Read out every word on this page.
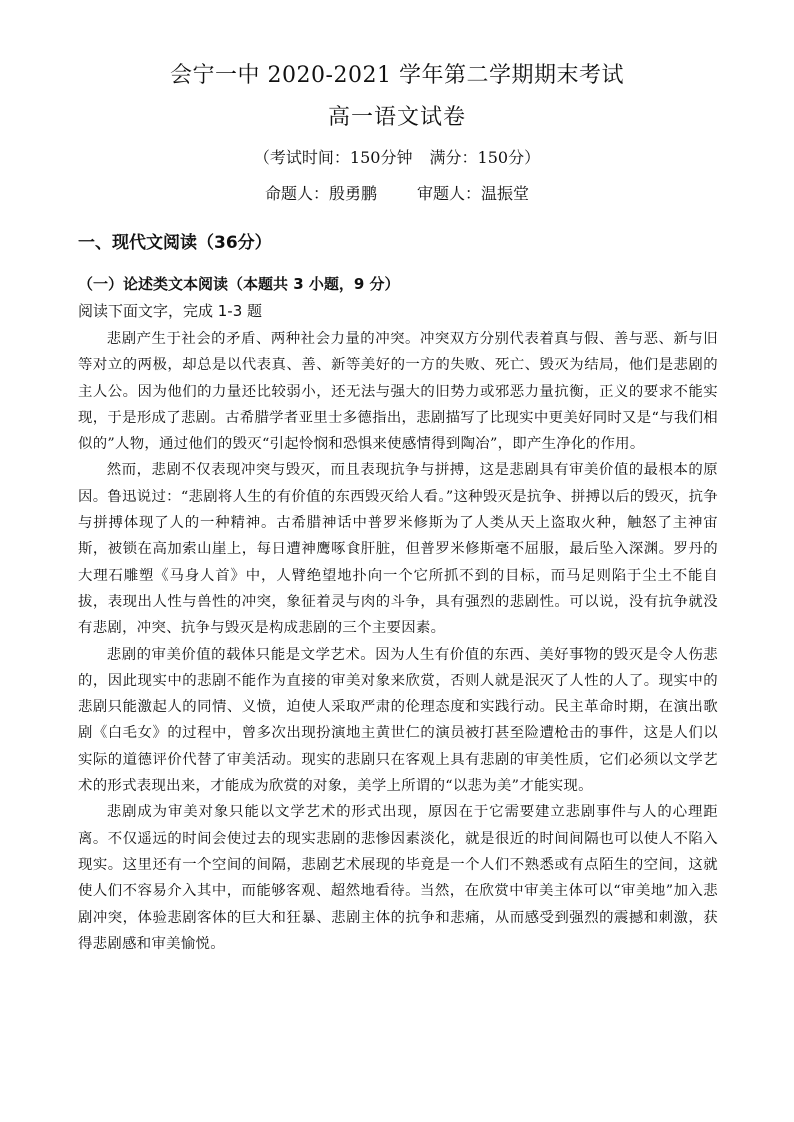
会宁一中 2020-2021 学年第二学期期末考试
高一语文试卷
（考试时间：150分钟 满分：150分）
命题人：殷勇鹏	审题人：温振堂
一、现代文阅读（36分）
（一）论述类文本阅读（本题共 3 小题，9 分）
阅读下面文字，完成 1-3 题

悲剧产生于社会的矛盾、两种社会力量的冲突。冲突双方分别代表着真与假、善与恶、新与旧等对立的两极，却总是以代表真、善、新等美好的一方的失败、死亡、毁灭为结局，他们是悲剧的主人公。因为他们的力量还比较弱小，还无法与强大的旧势力或邪恶力量抗衡，正义的要求不能实现，于是形成了悲剧。古希腊学者亚里士多德指出，悲剧描写了比现实中更美好同时又是“与我们相似的”人物，通过他们的毁灭“引起怜悯和恐惧来使感情得到陶冶”，即产生净化的作用。

然而，悲剧不仅表现冲突与毁灭，而且表现抗争与拼搏，这是悲剧具有审美价值的最根本的原因。鲁迅说过：“悲剧将人生的有价值的东西毁灭给人看。”这种毁灭是抗争、拼搏以后的毁灭，抗争与拼搏体现了人的一种精神。古希腊神话中普罗米修斯为了人类从天上盗取火种，触怒了主神宙斯，被锁在高加索山崖上，每日遭神鹰啄食肝脏，但普罗米修斯毫不屈服，最后坠入深渊。罗丹的大理石雕塑《马身人首》中，人臂绝望地扑向一个它所抓不到的目标，而马足则陷于尘土不能自拔，表现出人性与兽性的冲突，象征着灵与肉的斗争，具有强烈的悲剧性。可以说，没有抗争就没有悲剧，冲突、抗争与毁灭是构成悲剧的三个主要因素。

悲剧的审美价值的载体只能是文学艺术。因为人生有价值的东西、美好事物的毁灭是令人伤悲的，因此现实中的悲剧不能作为直接的审美对象来欣赏，否则人就是泯灭了人性的人了。现实中的悲剧只能激起人的同情、义愤，迫使人采取严肃的伦理态度和实践行动。民主革命时期，在演出歌剧《白毛女》的过程中，曾多次出现扮演地主黄世仁的演员被打甚至险遭枪击的事件，这是人们以实际的道德评价代替了审美活动。现实的悲剧只在客观上具有悲剧的审美性质，它们必须以文学艺术的形式表现出来，才能成为欣赏的对象，美学上所谓的“以悲为美”才能实现。

悲剧成为审美对象只能以文学艺术的形式出现，原因在于它需要建立悲剧事件与人的心理距离。不仅遥远的时间会使过去的现实悲剧的悲惨因素淡化，就是很近的时间间隔也可以使人不陷入现实。这里还有一个空间的间隔，悲剧艺术展现的毕竟是一个人们不熟悉或有点陌生的空间，这就使人们不容易介入其中，而能够客观、超然地看待。当然，在欣赏中审美主体可以“审美地”加入悲剧冲突，体验悲剧客体的巨大和狂暴、悲剧主体的抗争和悲痛，从而感受到强烈的震撼和刺激，获得悲剧感和审美愉悦。
